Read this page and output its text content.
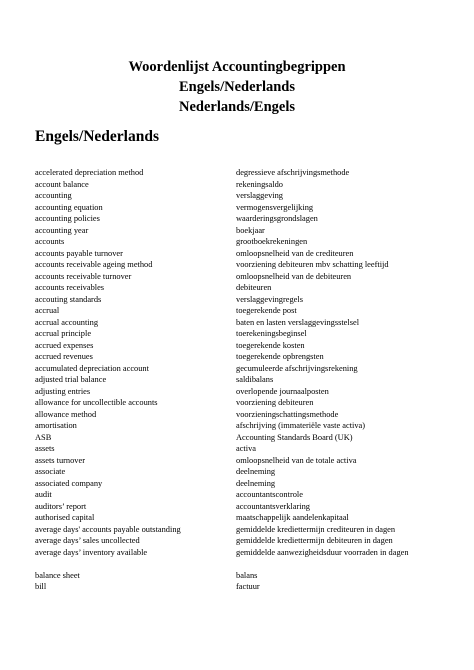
Woordenlijst Accountingbegrippen
Engels/Nederlands
Nederlands/Engels
Engels/Nederlands
accelerated depreciation method	degressieve afschrijvingsmethode
account balance	rekeningsaldo
accounting	verslaggeving
accounting equation	vermogensvergelijking
accounting policies	waarderingsgrondslagen
accounting year	boekjaar
accounts	grootboekrekeningen
accounts payable turnover	omloopsnelheid van de crediteuren
accounts receivable ageing method	voorziening debiteuren mbv schatting leeftijd
accounts receivable turnover	omloopsnelheid van de debiteuren
accounts receivables	debiteuren
accouting standards	verslaggevingregels
accrual	toegerekende post
accrual accounting	baten en lasten verslaggevingsstelsel
accrual principle	toerekeningsbeginsel
accrued expenses	toegerekende kosten
accrued revenues	toegerekende opbrengsten
accumulated depreciation account	gecumuleerde afschrijvingsrekening
adjusted trial balance	saldibalans
adjusting entries	overlopende journaalposten
allowance for uncollectible accounts	voorziening debiteuren
allowance method	voorzieningschattingsmethode
amortisation	afschrijving (immateriële vaste activa)
ASB	Accounting Standards Board (UK)
assets	activa
assets turnover	omloopsnelheid van de totale activa
associate	deelneming
associated company	deelneming
audit	accountantscontrole
auditors’ report	accountantsverklaring
authorised capital	maatschappelijk aandelenkapitaal
average days' accounts payable outstanding	gemiddelde krediettermijn crediteuren in dagen
average days’ sales uncollected	gemiddelde krediettermijn debiteuren in dagen
average days’ inventory available	gemiddelde aanwezigheidsduur voorraden in dagen
balance sheet	balans
bill	factuur
